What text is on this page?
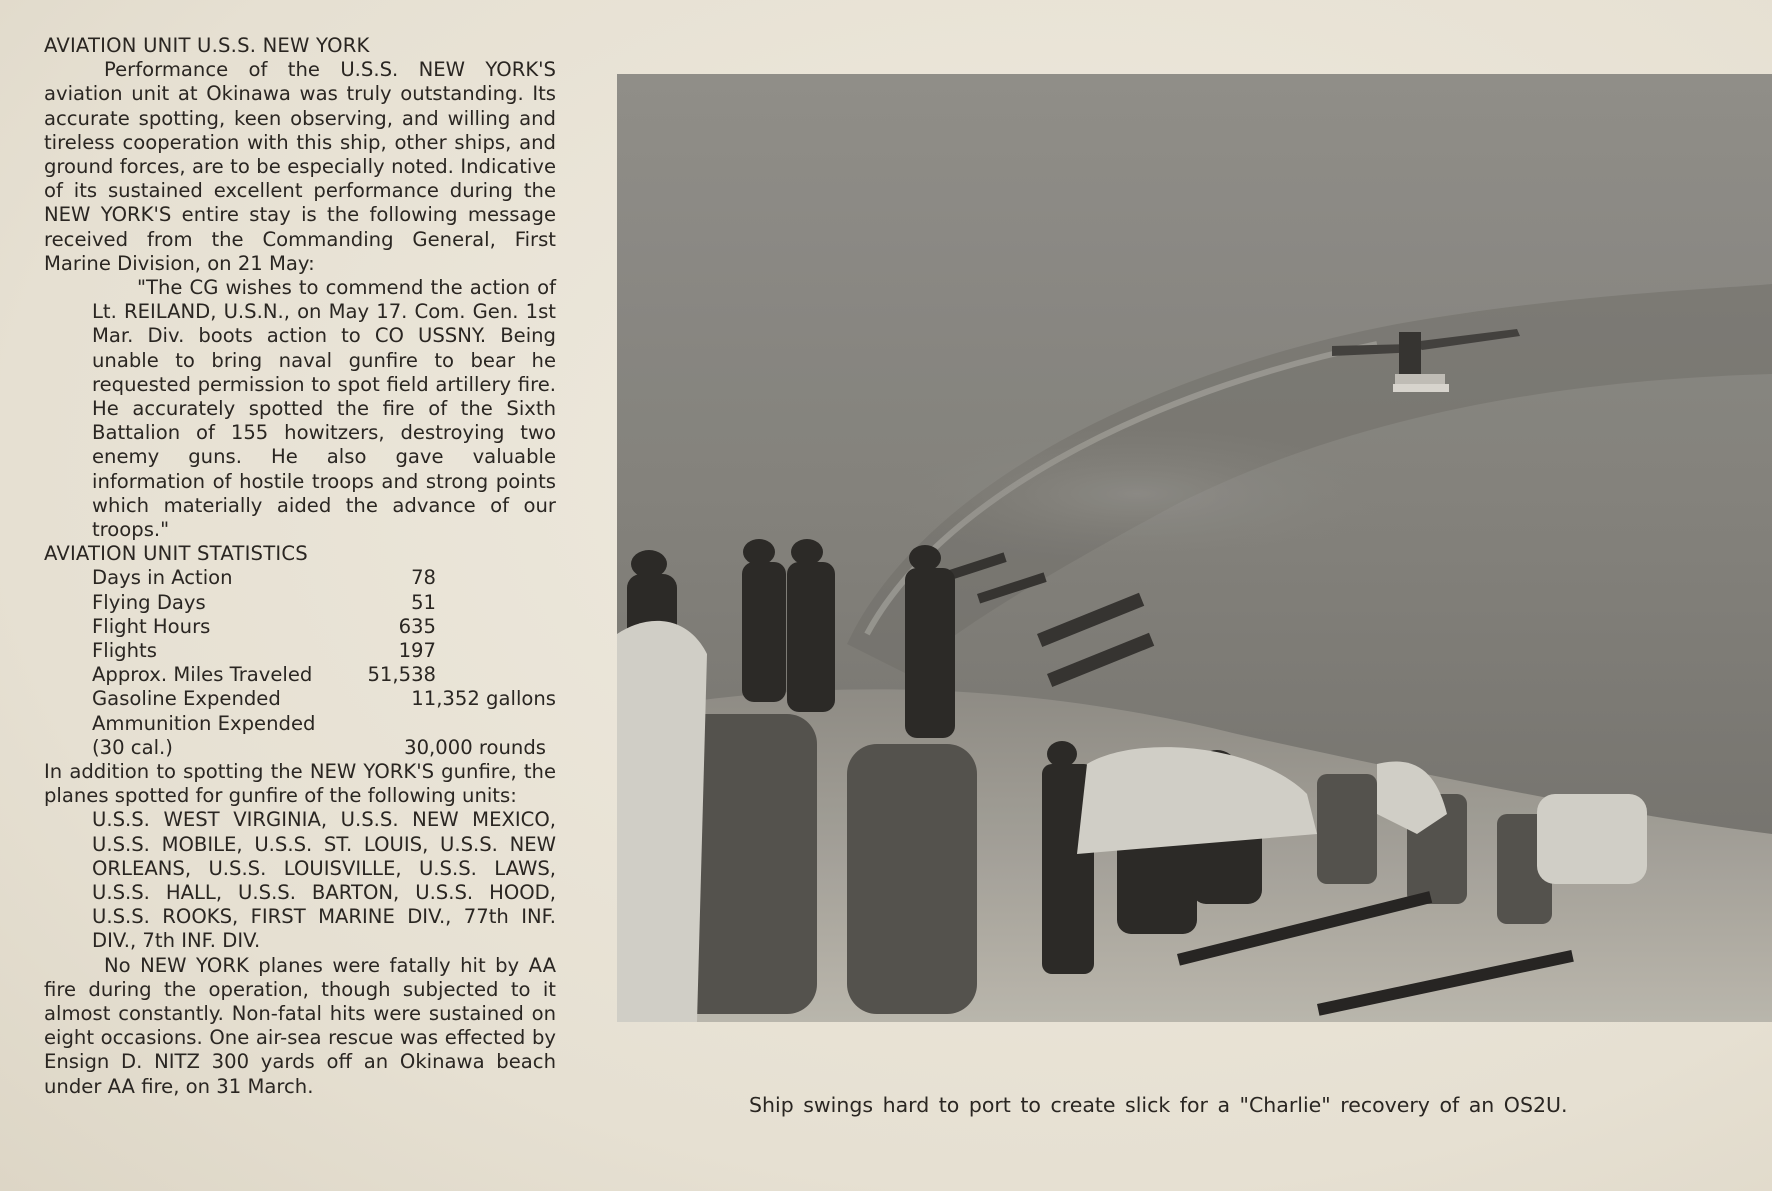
AVIATION UNIT U.S.S. NEW YORK

Performance of the U.S.S. NEW YORK'S aviation unit at Okinawa was truly outstanding. Its accurate spotting, keen observing, and willing and tireless cooperation with this ship, other ships, and ground forces, are to be especially noted. Indicative of its sustained excellent performance during the NEW YORK'S entire stay is the following message received from the Commanding General, First Marine Division, on 21 May:

"The CG wishes to commend the action of Lt. REILAND, U.S.N., on May 17. Com. Gen. 1st Mar. Div. boots action to CO USSNY. Being unable to bring naval gunfire to bear he requested permission to spot field artillery fire. He accurately spotted the fire of the Sixth Battalion of 155 howitzers, destroying two enemy guns. He also gave valuable information of hostile troops and strong points which materially aided the advance of our troops."

AVIATION UNIT STATISTICS

Days in Action	78
Flying Days	51
Flight Hours	635
Flights	197
Approx. Miles Traveled	51,538
Gasoline Expended	11,352 gallons
Ammunition Expended
(30 cal.)	30,000 rounds

In addition to spotting the NEW YORK'S gunfire, the planes spotted for gunfire of the following units:

U.S.S. WEST VIRGINIA, U.S.S. NEW MEXICO, U.S.S. MOBILE, U.S.S. ST. LOUIS, U.S.S. NEW ORLEANS, U.S.S. LOUISVILLE, U.S.S. LAWS, U.S.S. HALL, U.S.S. BARTON, U.S.S. HOOD, U.S.S. ROOKS, FIRST MARINE DIV., 77th INF. DIV., 7th INF. DIV.

No NEW YORK planes were fatally hit by AA fire during the operation, though subjected to it almost constantly. Non-fatal hits were sustained on eight occasions. One air-sea rescue was effected by Ensign D. NITZ 300 yards off an Okinawa beach under AA fire, on 31 March.

Ship swings hard to port to create slick for a "Charlie" recovery of an OS2U.
